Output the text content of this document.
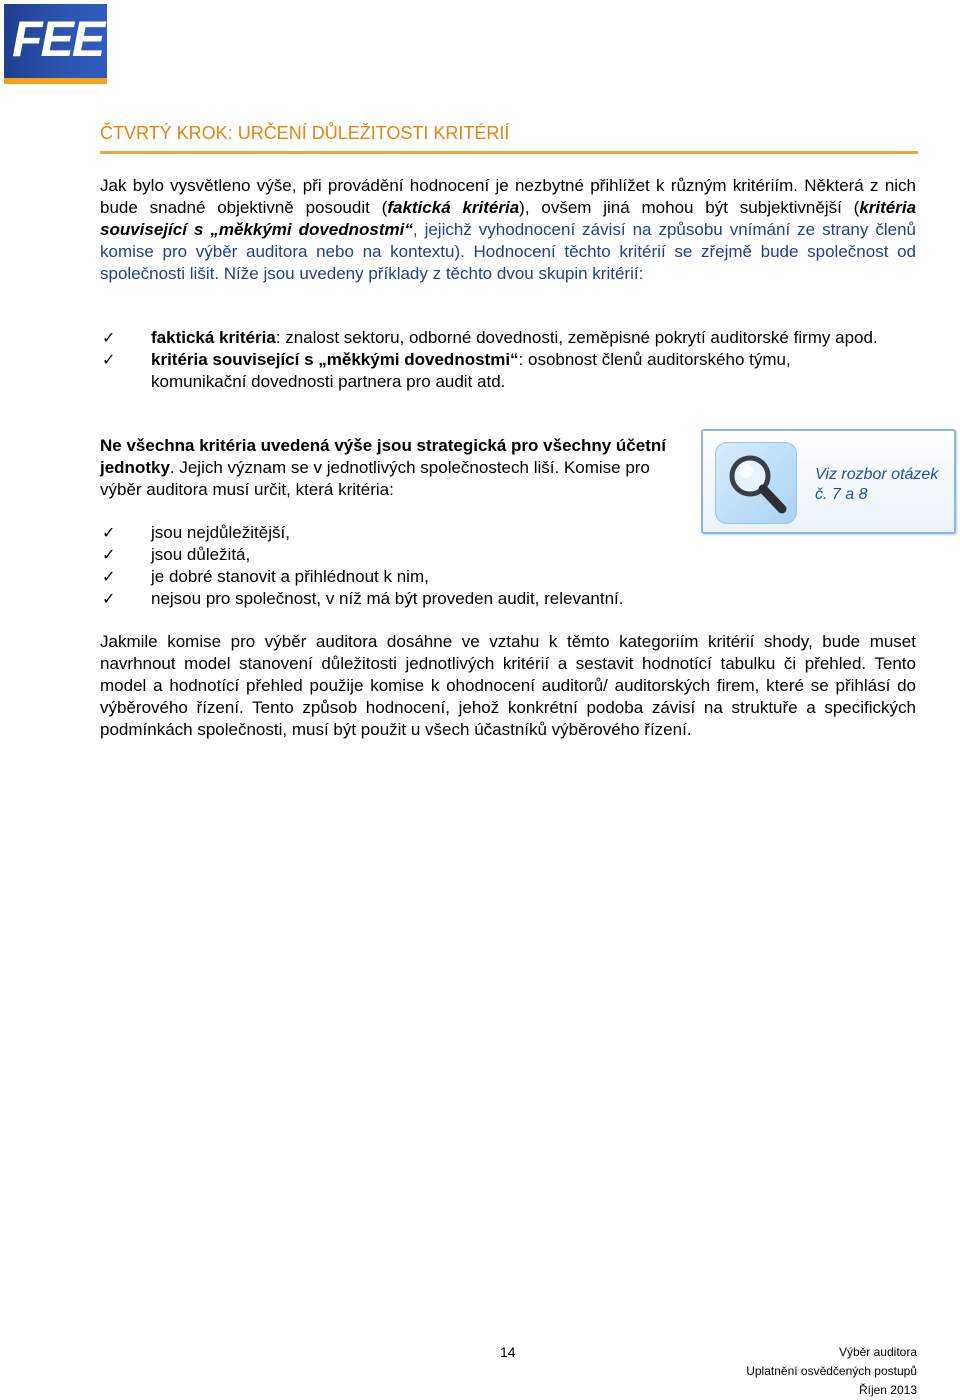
FEE
ČTVRTÝ KROK: URČENÍ DŮLEŽITOSTI KRITÉRIÍ
Jak bylo vysvětleno výše, při provádění hodnocení je nezbytné přihlížet k různým kritériím. Některá z nich bude snadné objektivně posoudit (faktická kritéria), ovšem jiná mohou být subjektivnější (kritéria související s „měkkými dovednostmi“, jejichž vyhodnocení závisí na způsobu vnímání ze strany členů komise pro výběr auditora nebo na kontextu). Hodnocení těchto kritérií se zřejmě bude společnost od společnosti lišit. Níže jsou uvedeny příklady z těchto dvou skupin kritérií:
✓ faktická kritéria: znalost sektoru, odborné dovednosti, zeměpisné pokrytí auditorské firmy apod.
✓ kritéria související s „měkkými dovednostmi“: osobnost členů auditorského týmu, komunikační dovednosti partnera pro audit atd.
Ne všechna kritéria uvedená výše jsou strategická pro všechny účetní jednotky. Jejich význam se v jednotlivých společnostech liší. Komise pro výběr auditora musí určit, která kritéria:
Viz rozbor otázek č. 7 a 8
✓ jsou nejdůležitější,
✓ jsou důležitá,
✓ je dobré stanovit a přihlédnout k nim,
✓ nejsou pro společnost, v níž má být proveden audit, relevantní.
Jakmile komise pro výběr auditora dosáhne ve vztahu k těmto kategoriím kritérií shody, bude muset navrhnout model stanovení důležitosti jednotlivých kritérií a sestavit hodnotící tabulku či přehled. Tento model a hodnotící přehled použije komise k ohodnocení auditorů/ auditorských firem, které se přihlásí do výběrového řízení. Tento způsob hodnocení, jehož konkrétní podoba závisí na struktuře a specifických podmínkách společnosti, musí být použit u všech účastníků výběrového řízení.
14	Výběr auditora
Uplatnění osvědčených postupů
Říjen 2013
